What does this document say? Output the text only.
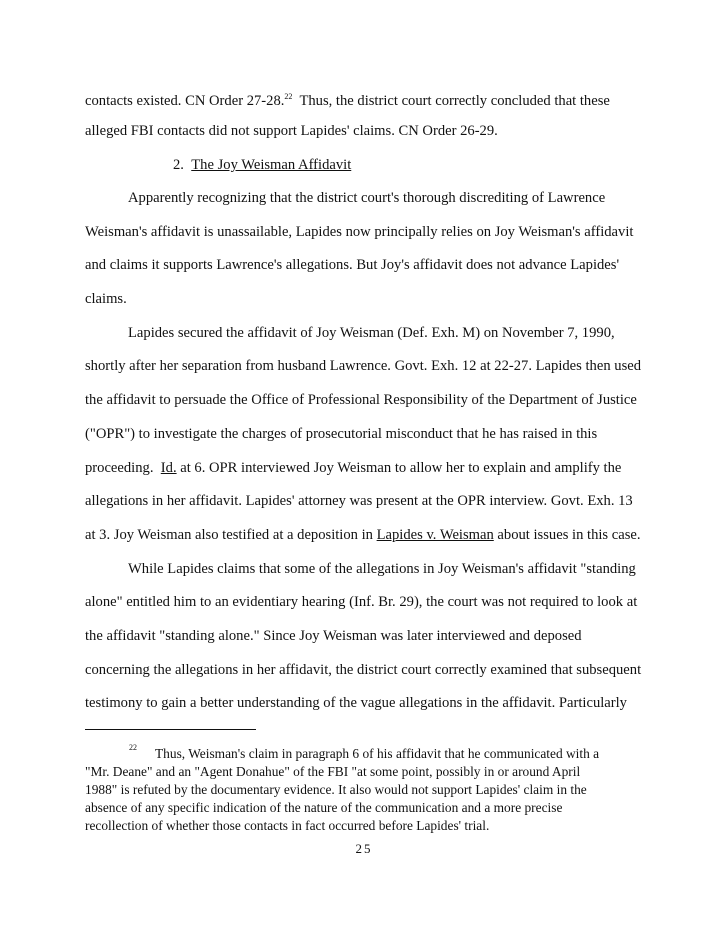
contacts existed. CN Order 27-28.22  Thus, the district court correctly concluded that these
alleged FBI contacts did not support Lapides' claims. CN Order 26-29.
2. The Joy Weisman Affidavit
Apparently recognizing that the district court's thorough discrediting of Lawrence
Weisman's affidavit is unassailable, Lapides now principally relies on Joy Weisman's affidavit
and claims it supports Lawrence's allegations. But Joy's affidavit does not advance Lapides'
claims.
Lapides secured the affidavit of Joy Weisman (Def. Exh. M) on November 7, 1990,
shortly after her separation from husband Lawrence. Govt. Exh. 12 at 22-27. Lapides then used
the affidavit to persuade the Office of Professional Responsibility of the Department of Justice
("OPR") to investigate the charges of prosecutorial misconduct that he has raised in this
proceeding.  Id. at 6. OPR interviewed Joy Weisman to allow her to explain and amplify the
allegations in her affidavit. Lapides' attorney was present at the OPR interview. Govt. Exh. 13
at 3. Joy Weisman also testified at a deposition in Lapides v. Weisman about issues in this case.
While Lapides claims that some of the allegations in Joy Weisman's affidavit "standing
alone" entitled him to an evidentiary hearing (Inf. Br. 29), the court was not required to look at
the affidavit "standing alone." Since Joy Weisman was later interviewed and deposed
concerning the allegations in her affidavit, the district court correctly examined that subsequent
testimony to gain a better understanding of the vague allegations in the affidavit. Particularly
22 Thus, Weisman's claim in paragraph 6 of his affidavit that he communicated with a
"Mr. Deane" and an "Agent Donahue" of the FBI "at some point, possibly in or around April
1988" is refuted by the documentary evidence. It also would not support Lapides' claim in the
absence of any specific indication of the nature of the communication and a more precise
recollection of whether those contacts in fact occurred before Lapides' trial.
25
